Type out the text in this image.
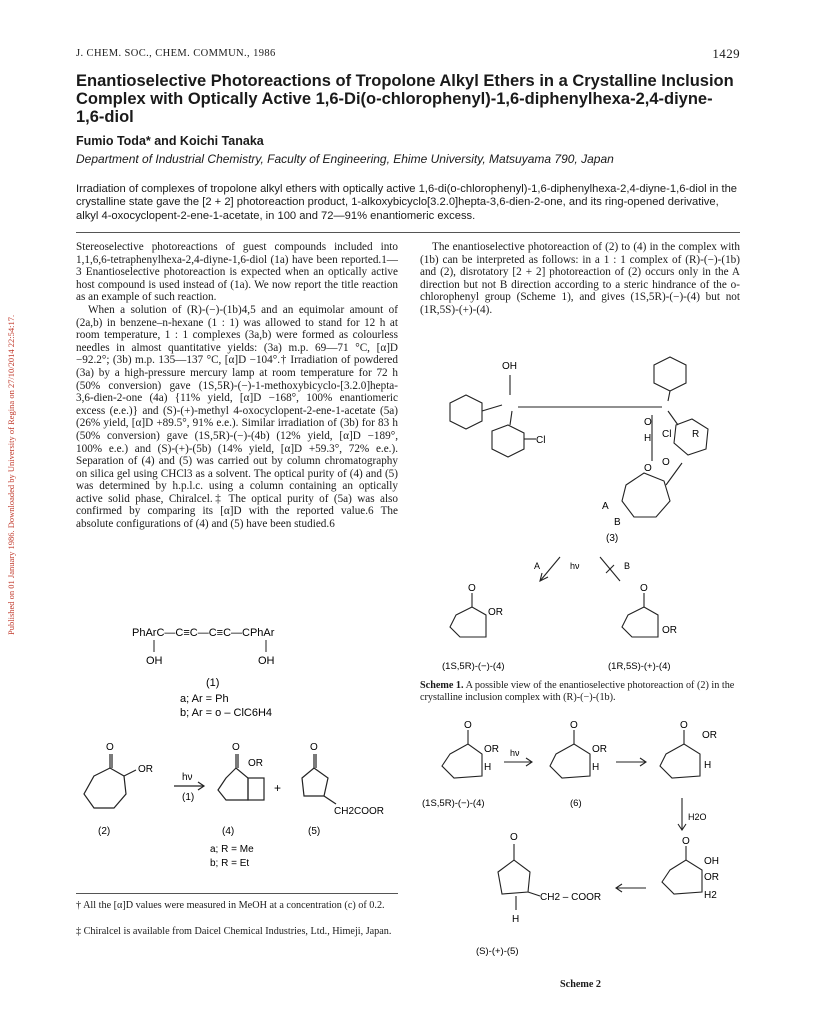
J. CHEM. SOC., CHEM. COMMUN., 1986	1429
Published on 01 January 1986. Downloaded by University of Regina on 27/10/2014 22:54:17.
Enantioselective Photoreactions of Tropolone Alkyl Ethers in a Crystalline Inclusion Complex with Optically Active 1,6-Di(o-chlorophenyl)-1,6-diphenylhexa-2,4-diyne-1,6-diol
Fumio Toda* and Koichi Tanaka
Department of Industrial Chemistry, Faculty of Engineering, Ehime University, Matsuyama 790, Japan
Irradiation of complexes of tropolone alkyl ethers with optically active 1,6-di(o-chlorophenyl)-1,6-diphenylhexa-2,4-diyne-1,6-diol in the crystalline state gave the [2 + 2] photoreaction product, 1-alkoxybicyclo[3.2.0]hepta-3,6-dien-2-one, and its ring-opened derivative, alkyl 4-oxocyclopent-2-ene-1-acetate, in 100 and 72—91% enantiomeric excess.

Stereoselective photoreactions of guest compounds included into 1,1,6,6-tetraphenylhexa-2,4-diyne-1,6-diol (1a) have been reported.1—3 Enantioselective photoreaction is expected when an optically active host compound is used instead of (1a). We now report the title reaction as an example of such reaction.

When a solution of (R)-(−)-(1b)4,5 and an equimolar amount of (2a,b) in benzene–n-hexane (1 : 1) was allowed to stand for 12 h at room temperature, 1 : 1 complexes (3a,b) were formed as colourless needles in almost quantitative yields: (3a) m.p. 69—71 °C, [α]D −92.2°; (3b) m.p. 135—137 °C, [α]D −104°.† Irradiation of powdered (3a) by a high-pressure mercury lamp at room temperature for 72 h (50% conversion) gave (1S,5R)-(−)-1-methoxybicyclo-[3.2.0]hepta-3,6-dien-2-one (4a) {11% yield, [α]D −168°, 100% enantiomeric excess (e.e.)} and (S)-(+)-methyl 4-oxocyclopent-2-ene-1-acetate (5a) (26% yield, [α]D +89.5°, 91% e.e.). Similar irradiation of (3b) for 83 h (50% conversion) gave (1S,5R)-(−)-(4b) (12% yield, [α]D −189°, 100% e.e.) and (S)-(+)-(5b) (14% yield, [α]D +59.3°, 72% e.e.). Separation of (4) and (5) was carried out by column chromatography on silica gel using CHCl3 as a solvent. The optical purity of (4) and (5) was determined by h.p.l.c. using a column containing an optically active solid phase, Chiralcel.‡ The optical purity of (5a) was also confirmed by comparing its [α]D with the reported value.6 The absolute configurations of (4) and (5) have been studied.6

The enantioselective photoreaction of (2) to (4) in the complex with (1b) can be interpreted as follows: in a 1 : 1 complex of (R)-(−)-(1b) and (2), disrotatory [2 + 2] photoreaction of (2) occurs only in the A direction but not B direction according to a steric hindrance of the o-chlorophenyl group (Scheme 1), and gives (1S,5R)-(−)-(4) but not (1R,5S)-(+)-(4).

PhArC—C≡C—C≡C—CPhAr
OH	OH
(1)
a; Ar = Ph
b; Ar = o – ClC6H4
O
OR
hν
(1)
O
OR
+
O
CH2COOR
(2)	(4)	(5)
a; R = Me
b; R = Et
† All the [α]D values were measured in MeOH at a concentration (c) of 0.2.
‡ Chiralcel is available from Daicel Chemical Industries, Ltd., Himeji, Japan.
OH
Cl
O
H Cl R
O
O
A
B
(3)
A	hν	B
O
OR
O
OR
(1S,5R)-(−)-(4)	(1R,5S)-(+)-(4)
Scheme 1. A possible view of the enantioselective photoreaction of (2) in the crystalline inclusion complex with (R)-(−)-(1b).
O
OR
H
hν
O
OR
H
O
OR
H
H2O
O
OH
OR
H2
O
CH2 – COOR
H
(1S,5R)-(−)-(4)	(6)
(S)-(+)-(5)
Scheme 2
